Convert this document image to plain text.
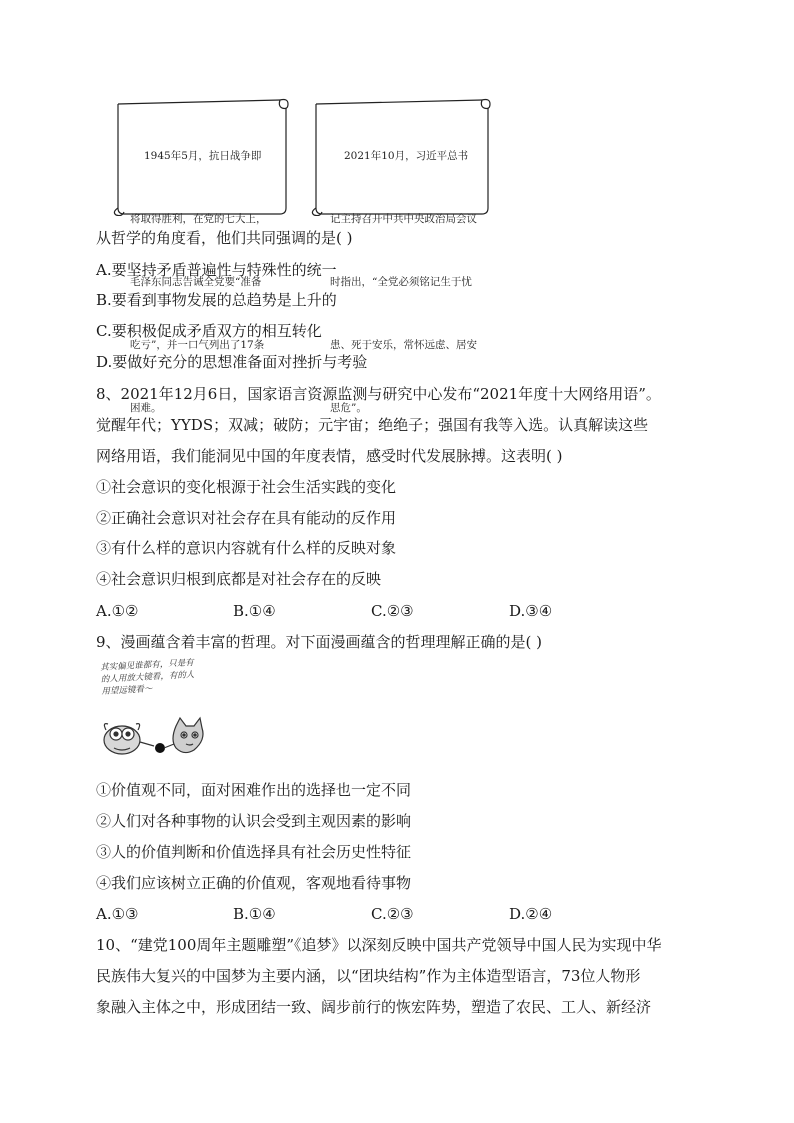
1945年5月，抗日战争即

将取得胜利，在党的七大上，

毛泽东同志告诫全党要“准备

吃亏”，并一口气列出了17条

困难。

2021年10月，习近平总书

记主持召开中共中央政治局会议

时指出，“全党必须铭记生于忧

患、死于安乐，常怀远虑、居安

思危”。

从哲学的角度看，他们共同强调的是( )
A.要坚持矛盾普遍性与特殊性的统一
B.要看到事物发展的总趋势是上升的
C.要积极促成矛盾双方的相互转化
D.要做好充分的思想准备面对挫折与考验
8、2021年12月6日，国家语言资源监测与研究中心发布“2021年度十大网络用语”。
觉醒年代；YYDS；双减；破防；元宇宙；绝绝子；强国有我等入选。认真解读这些
网络用语，我们能洞见中国的年度表情，感受时代发展脉搏。这表明( )
①社会意识的变化根源于社会生活实践的变化
②正确社会意识对社会存在具有能动的反作用
③有什么样的意识内容就有什么样的反映对象
④社会意识归根到底都是对社会存在的反映
A.①②	B.①④	C.②③	D.③④
9、漫画蕴含着丰富的哲理。对下面漫画蕴含的哲理理解正确的是( )
其实偏见谁都有，只是有
的人用放大镜看，有的人
用望远镜看～
①价值观不同，面对困难作出的选择也一定不同
②人们对各种事物的认识会受到主观因素的影响
③人的价值判断和价值选择具有社会历史性特征
④我们应该树立正确的价值观，客观地看待事物
A.①③	B.①④	C.②③	D.②④
10、“建党100周年主题雕塑”《追梦》以深刻反映中国共产党领导中国人民为实现中华
民族伟大复兴的中国梦为主要内涵，以“团块结构”作为主体造型语言，73位人物形
象融入主体之中，形成团结一致、阔步前行的恢宏阵势，塑造了农民、工人、新经济
